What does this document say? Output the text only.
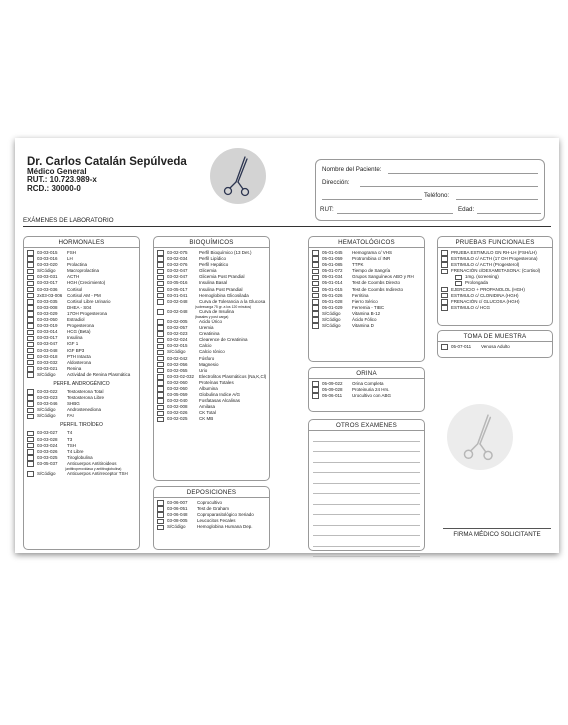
Dr. Carlos Catalán Sepúlveda
Médico General
RUT.: 10.723.989-x
RCD.: 30000-0
Nombre del Paciente:
Dirección:
Teléfono:
RUT:	Edad:
EXÁMENES DE LABORATORIO
HORMONALES
03-03-015	FSH
03-03-016	LH
03-03-020	Prolactina
S/Código	Macroprolactina
03-03-031	ACTH
03-03-017	HGH (Crecimiento)
03-03-036	Cortisol
2x03-03-006	Cortisol AM - PM
03-03-035	Cortisol Libre Urinario
03-03-008	DHEA - S04
03-03-029	17OH Progesterona
03-03-050	Estradiol
03-03-019	Progesterona
03-03-014	HCG (Beta)
03-03-017	Insulina
03-03-047	IGF 1
03-03-048	IGF BP3
03-03-018	PTH Intacta
03-03-032	Aldosterona
03-03-021	Renina
S/Código	Actividad de Renina Plasmática
PERFIL ANDROGÉNICO
03-03-022	Testosterona Total
03-03-023	Testosterona Libre
03-03-046	SHBG
S/Código	Androstenediona
S/Código	FAI
PERFIL TIROÍDEO
03-03-027	T4
03-03-028	T3
03-03-024	TSH
03-03-026	T4 Libre
03-03-025	Tiroglobulina
03-05-037	Anticuerpos Antitiroideos
(antitiroperoxidasa y antitiroglobulina)
S/Código	Anticuerpos Antirreceptor TSH
BIOQUÍMICOS
03-02-075	Perfil Bioquímico (13 Det.)
03-02-034	Perfil Lipídico
03-02-076	Perfil Hepático
03-02-047	Glicemia
03-02-047	Glicemia Post Prandial
03-05-016	Insulina Basal
03-05-017	Insulina Post Prandial
03-01-041	Hemoglobina Glicosilada
03-02-048	Curva de Tolerancia a la Glucosa
(sobrecarga 75 gr. a los 120 minutos)
03-02-048	Curva de Insulina
(basales y post carga)
03-02-005	Acido Úrico
03-02-057	Uremia
03-02-023	Creatinina
03-02-024	Clearence de Creatinina
03-02-015	Calcio
S/Código	Calcio Iónico
03-02-042	Fósforo
03-02-056	Magnesio
03-02-055	Urio
03-03-02-032	Electrolitos Plasmáticos (Na,K,Cl)
03-02-060	Proteínas Totales
03-02-060	Albumina
03-05-059	Globulina Indice A/G
03-02-040	Fosfatasas Alcalinas
03-02-008	Amilasa
03-02-026	CK Total
03-02-025	CK MB
DEPOSICIONES
03-06-007	Coprocultivo
03-06-051	Test de Graham
03-06-048	Coproparasitológico Seriado
03-08-005	Leucocitos Fecales
S/Código	Hemoglobina Humana Dep.
HEMATOLÓGICOS
05-01-045	Hemograma c/ VHS
05-01-059	Protrombina c/ INR
05-01-085	TTPK
05-01-072	Tiempo de Sangría
05-01-034	Grupos Sanguíneos ABO y RH
05-01-014	Test de Coombs Directo
05-01-015	Test de Coombs Indirecto
05-01-026	Ferritina
05-01-028	Fierro Sérico
05-01-029	Ferremia - TIBC
S/Código	Vitamina B-12
S/Código	Ácido Fólico
S/Código	Vitamina D
ORINA
05-09-022	Orina Completa
05-09-028	Proteinuria 24 Hrs.
05-06-011	Urocultivo con ABG
OTROS EXAMENES
PRUEBAS FUNCIONALES
PRUEBA ESTIMULO GN RH-LH (FSH/LH)
ESTIMULO c/ ACTH (17 OH Progesterona)
ESTIMULO c/ ACTH (Progesterol)
FRENACIÓN c/DEXAMETASONA: (Cortisol)
1mg. (screening)
Prolongada
EJERCICIO + PROPANOLOL (HGH)
ESTIMULO c/ CLONIDINA (HGH)
FRENACIÓN c/ GLUCOSA (HGH)
ESTIMULO c/ HCG
TOMA DE MUESTRA
05-07-011	Venosa Adulto
FIRMA MÉDICO SOLICITANTE
